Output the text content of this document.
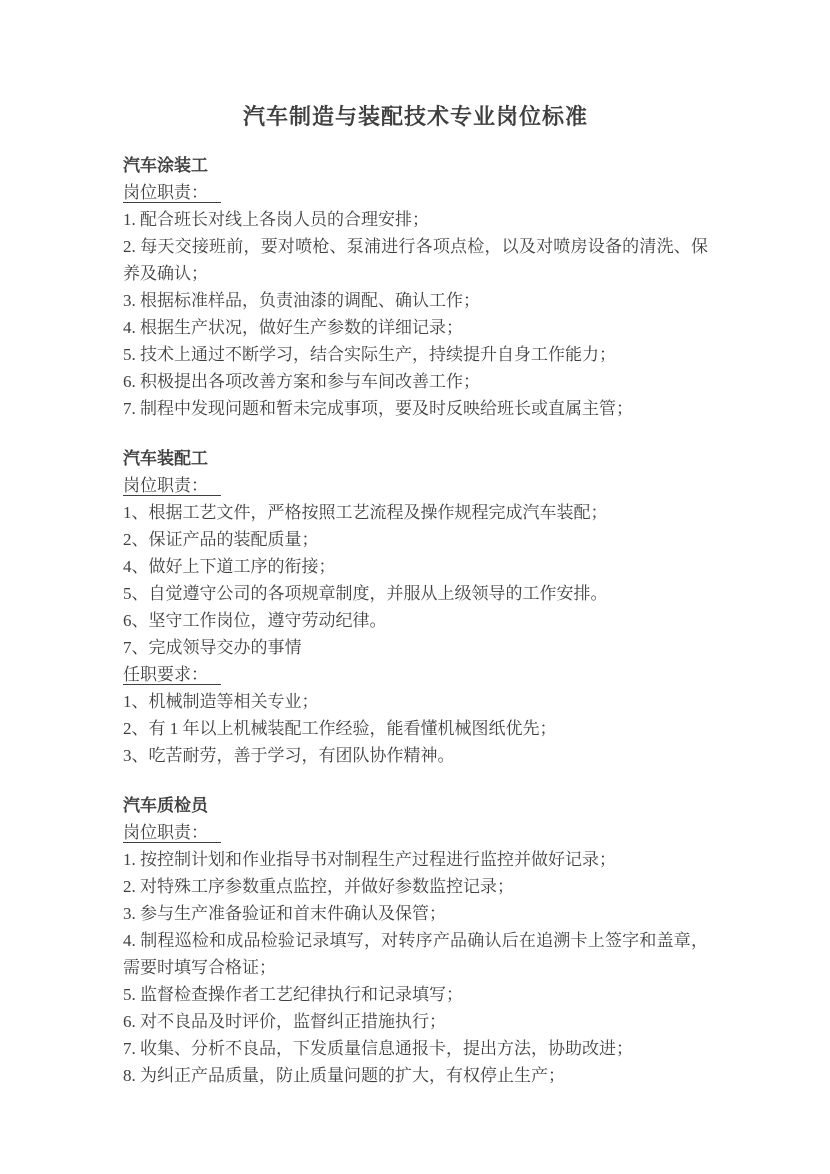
汽车制造与装配技术专业岗位标准

汽车涂装工

岗位职责：

1. 配合班长对线上各岗人员的合理安排；

2. 每天交接班前，要对喷枪、泵浦进行各项点检，以及对喷房设备的清洗、保养及确认；

3. 根据标准样品，负责油漆的调配、确认工作；

4. 根据生产状况，做好生产参数的详细记录；

5. 技术上通过不断学习，结合实际生产，持续提升自身工作能力；

6. 积极提出各项改善方案和参与车间改善工作；

7. 制程中发现问题和暂未完成事项，要及时反映给班长或直属主管；

汽车装配工

岗位职责：

1、根据工艺文件，严格按照工艺流程及操作规程完成汽车装配；

2、保证产品的装配质量；

4、做好上下道工序的衔接；

5、自觉遵守公司的各项规章制度，并服从上级领导的工作安排。

6、坚守工作岗位，遵守劳动纪律。

7、完成领导交办的事情

任职要求：

1、机械制造等相关专业；

2、有 1 年以上机械装配工作经验，能看懂机械图纸优先；

3、吃苦耐劳，善于学习，有团队协作精神。

汽车质检员

岗位职责：

1. 按控制计划和作业指导书对制程生产过程进行监控并做好记录；

2. 对特殊工序参数重点监控，并做好参数监控记录；

3. 参与生产准备验证和首末件确认及保管；

4. 制程巡检和成品检验记录填写，对转序产品确认后在追溯卡上签字和盖章，需要时填写合格证；

5. 监督检查操作者工艺纪律执行和记录填写；

6. 对不良品及时评价，监督纠正措施执行；

7. 收集、分析不良品，下发质量信息通报卡，提出方法，协助改进；

8. 为纠正产品质量，防止质量问题的扩大，有权停止生产；
